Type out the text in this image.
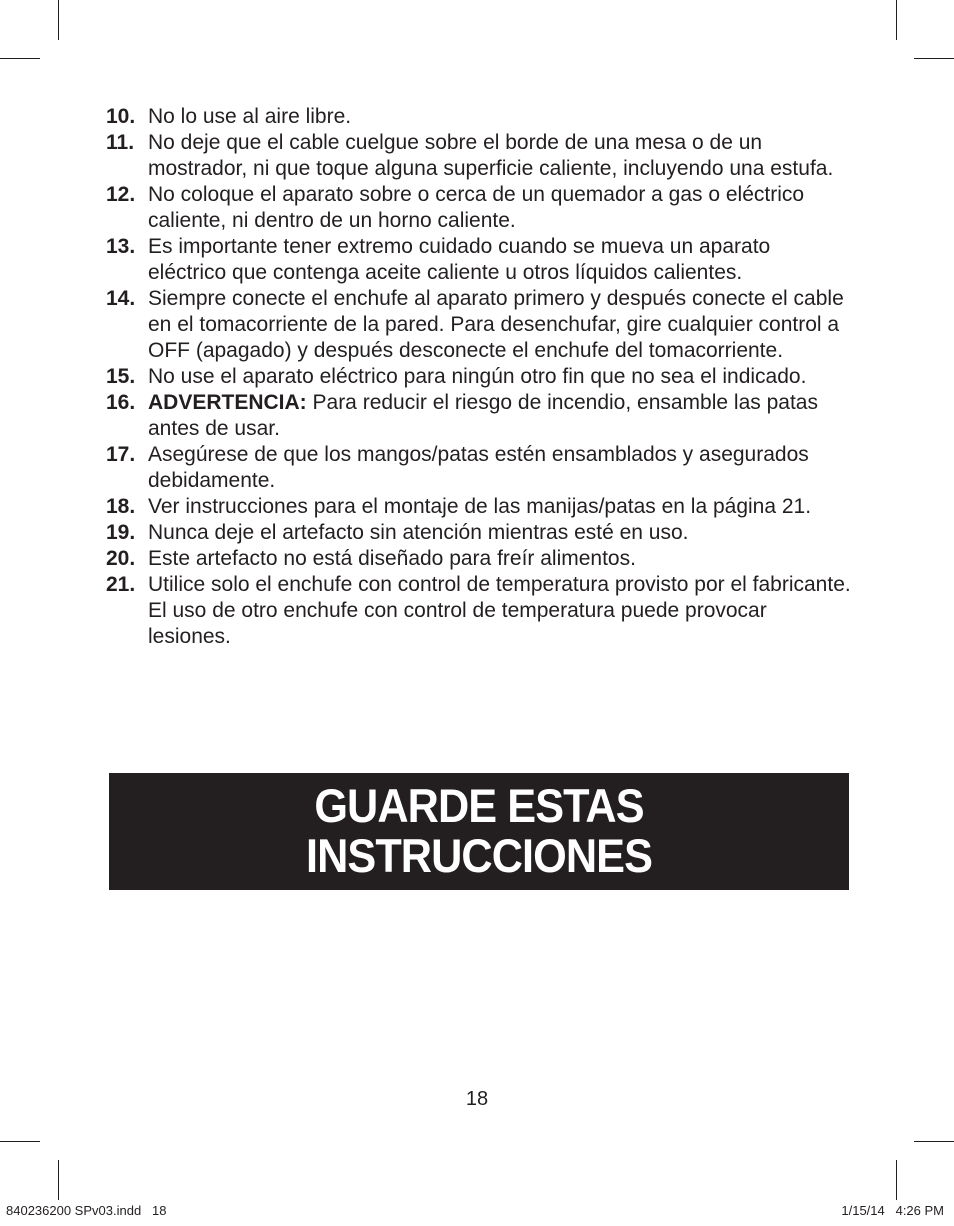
10. No lo use al aire libre.
11. No deje que el cable cuelgue sobre el borde de una mesa o de un mostrador, ni que toque alguna superficie caliente, incluyendo una estufa.
12. No coloque el aparato sobre o cerca de un quemador a gas o eléctrico caliente, ni dentro de un horno caliente.
13. Es importante tener extremo cuidado cuando se mueva un aparato eléctrico que contenga aceite caliente u otros líquidos calientes.
14. Siempre conecte el enchufe al aparato primero y después conecte el cable en el tomacorriente de la pared. Para desenchufar, gire cualquier control a OFF (apagado) y después desconecte el enchufe del tomacorriente.
15. No use el aparato eléctrico para ningún otro fin que no sea el indicado.
16. ADVERTENCIA: Para reducir el riesgo de incendio, ensamble las patas antes de usar.
17. Asegúrese de que los mangos/patas estén ensamblados y asegurados debidamente.
18. Ver instrucciones para el montaje de las manijas/patas en la página 21.
19. Nunca deje el artefacto sin atención mientras esté en uso.
20. Este artefacto no está diseñado para freír alimentos.
21. Utilice solo el enchufe con control de temperatura provisto por el fabricante. El uso de otro enchufe con control de temperatura puede provocar lesiones.
GUARDE ESTAS
INSTRUCCIONES
18
840236200 SPv03.indd   18	1/15/14   4:26 PM
